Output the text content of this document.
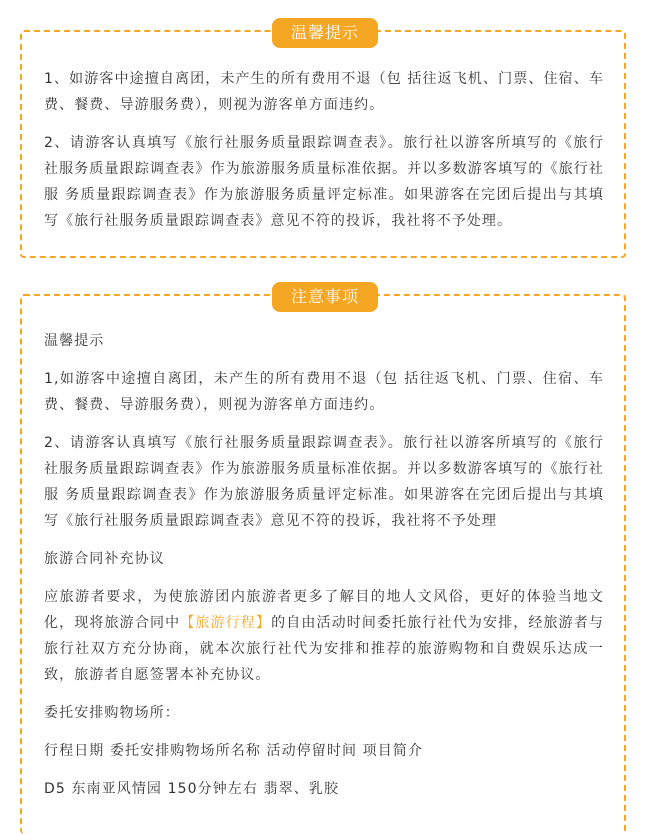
温馨提示

1、如游客中途擅自离团，未产生的所有费用不退（包 括往返飞机、门票、住宿、车费、餐费、导游服务费），则视为游客单方面违约。

2、请游客认真填写《旅行社服务质量跟踪调查表》。旅行社以游客所填写的《旅行社服务质量跟踪调查表》作为旅游服务质量标准依据。并以多数游客填写的《旅行社服 务质量跟踪调查表》作为旅游服务质量评定标准。如果游客在完团后提出与其填写《旅行社服务质量跟踪调查表》意见不符的投诉，我社将不予处理。

注意事项

温馨提示

1,如游客中途擅自离团，未产生的所有费用不退（包 括往返飞机、门票、住宿、车费、餐费、导游服务费），则视为游客单方面违约。

2、请游客认真填写《旅行社服务质量跟踪调查表》。旅行社以游客所填写的《旅行社服务质量跟踪调查表》作为旅游服务质量标准依据。并以多数游客填写的《旅行社服 务质量跟踪调查表》作为旅游服务质量评定标准。如果游客在完团后提出与其填写《旅行社服务质量跟踪调查表》意见不符的投诉，我社将不予处理

旅游合同补充协议

应旅游者要求，为使旅游团内旅游者更多了解目的地人文风俗，更好的体验当地文化，现将旅游合同中【旅游行程】的自由活动时间委托旅行社代为安排，经旅游者与旅行社双方充分协商，就本次旅行社代为安排和推荐的旅游购物和自费娱乐达成一致，旅游者自愿签署本补充协议。

委托安排购物场所：

行程日期 委托安排购物场所名称 活动停留时间 项目简介

D5 东南亚风情园 150分钟左右 翡翠、乳胶
